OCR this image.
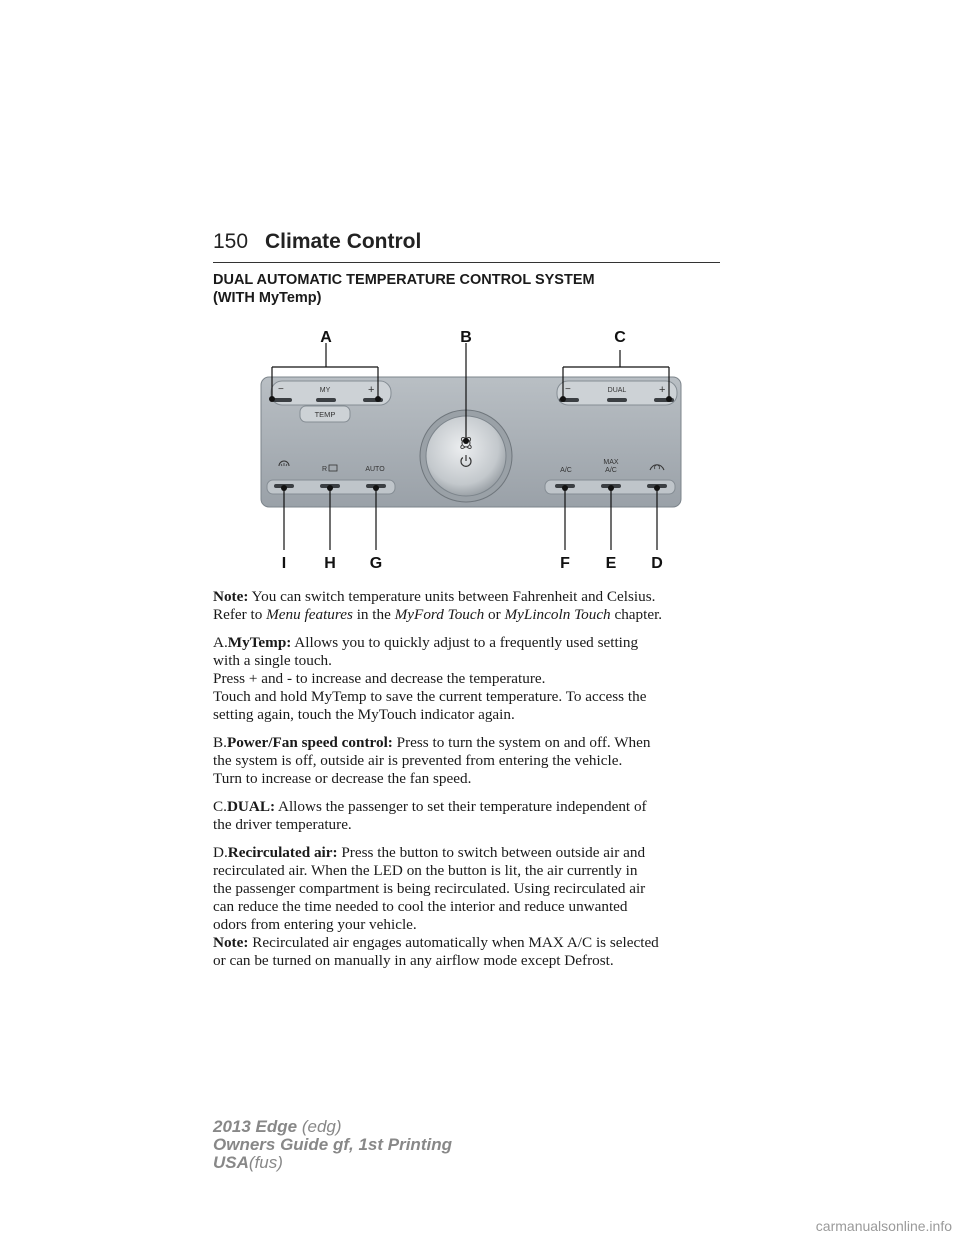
150 Climate Control
DUAL AUTOMATIC TEMPERATURE CONTROL SYSTEM
(WITH MyTemp)
−	MY	+
TEMP
−	DUAL	+
R	AUTO	A/C
MAX
A/C
A	B	C
I H G	F E D

Note: You can switch temperature units between Fahrenheit and Celsius.
Refer to Menu features in the MyFord Touch or MyLincoln Touch chapter.

A.MyTemp: Allows you to quickly adjust to a frequently used setting
with a single touch.
Press + and - to increase and decrease the temperature.
Touch and hold MyTemp to save the current temperature. To access the
setting again, touch the MyTouch indicator again.

B.Power/Fan speed control: Press to turn the system on and off. When
the system is off, outside air is prevented from entering the vehicle.
Turn to increase or decrease the fan speed.

C.DUAL: Allows the passenger to set their temperature independent of
the driver temperature.

D.Recirculated air: Press the button to switch between outside air and
recirculated air. When the LED on the button is lit, the air currently in
the passenger compartment is being recirculated. Using recirculated air
can reduce the time needed to cool the interior and reduce unwanted
odors from entering your vehicle.

Note: Recirculated air engages automatically when MAX A/C is selected
or can be turned on manually in any airflow mode except Defrost.

2013 Edge (edg)
Owners Guide gf, 1st Printing
USA(fus)
carmanualsonline.info
